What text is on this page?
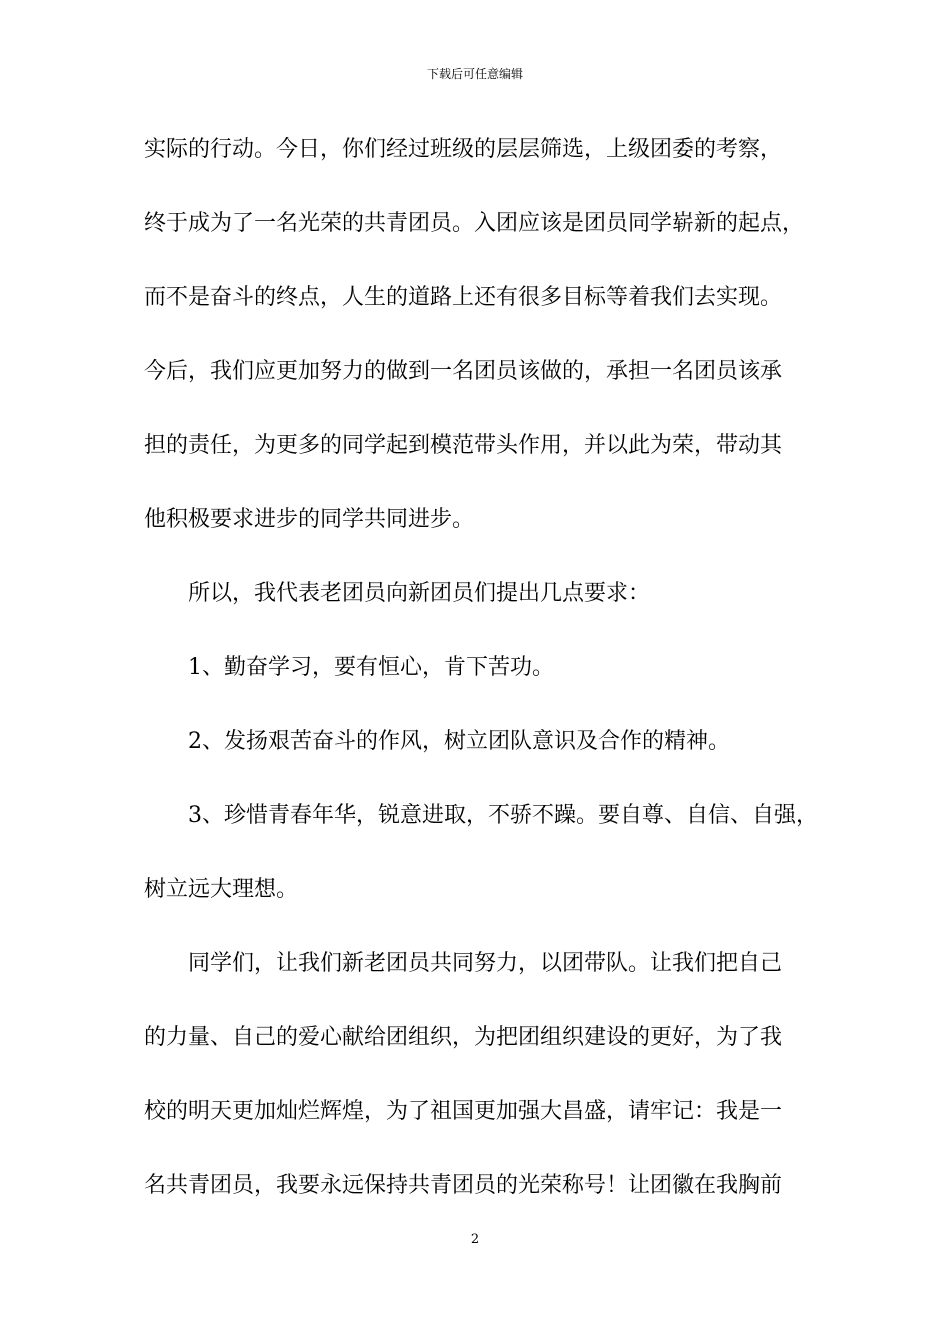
下载后可任意编辑
实际的行动。今日，你们经过班级的层层筛选，上级团委的考察，
终于成为了一名光荣的共青团员。入团应该是团员同学崭新的起点，
而不是奋斗的终点，人生的道路上还有很多目标等着我们去实现。
今后，我们应更加努力的做到一名团员该做的，承担一名团员该承
担的责任，为更多的同学起到模范带头作用，并以此为荣，带动其
他积极要求进步的同学共同进步。
所以，我代表老团员向新团员们提出几点要求：
1、勤奋学习，要有恒心，肯下苦功。
2、发扬艰苦奋斗的作风，树立团队意识及合作的精神。
3、珍惜青春年华，锐意进取，不骄不躁。要自尊、自信、自强，
树立远大理想。
同学们，让我们新老团员共同努力，以团带队。让我们把自己
的力量、自己的爱心献给团组织，为把团组织建设的更好，为了我
校的明天更加灿烂辉煌，为了祖国更加强大昌盛，请牢记：我是一
名共青团员，我要永远保持共青团员的光荣称号！让团徽在我胸前
2
